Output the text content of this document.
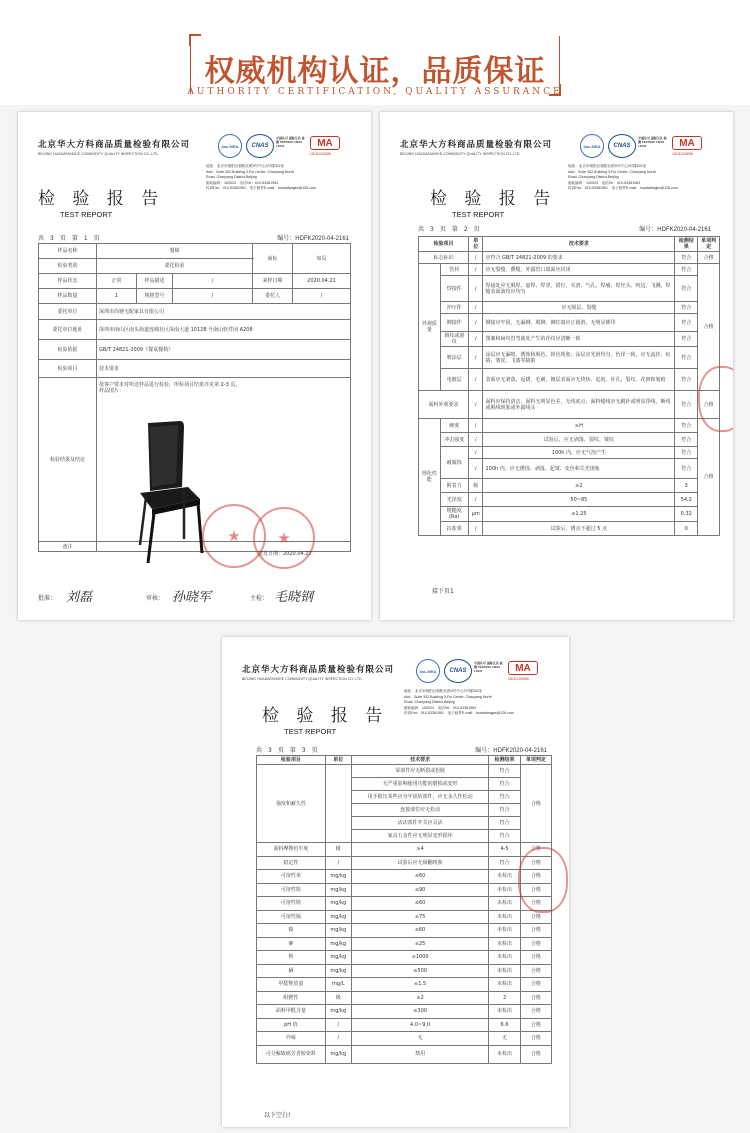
权威机构认证，品质保证
AUTHORITY CERTIFICATION, QUALITY ASSURANCE
北京华大方科商品质量检验有限公司
BEIJING HUADAFANGKE COMMODITY QUALITY INSPECTION CO.,LTD
ilac-MRA	CNAS
中国认可 国际互认 检测 TESTING CNAS L6137	MA
150111340088
地址：北京市朝阳区朝阳北路9号中心3号楼302室
Add：Suite 302,Building 3,Fui Center, Chaoyang North
Road ,Chaoyang District,Beijing
邮政编码：100024　电话Tel：010-53381963
传真Fax：010-53381961　电子邮件E-mail：huadafangke@126.com
检 验 报 告
TEST REPORT
共　3　页　第　1　页	编号：HDFK2020-04-2161
样品名称	餐椅			商标	如页
检验类别	委托检验				
样品状态	正常	样品描述	/	来样日期	2020.04.21
样品数量	1	规格型号	/	委托人	/
委托单位	深圳市尚驰宅配家具有限公司				
委托单位地址	深圳市南山区南头街道莲城社区深南大道 10128 号南山软件园 A208				
检验依据	GB/T 24821-2009《餐桌餐椅》				
检验项目	技术要求				
检验结果及结论	按客户要求对所送样品进行检验，所检项目结果详见第 2-3 页。
样品图片：				

备注					
★	★
签发日期：2020.04.27
批准： 刘磊	审核： 孙晓军	主检： 毛晓钢
北京华大方科商品质量检验有限公司
BEIJING HUADAFANGKE COMMODITY QUALITY INSPECTION CO.,LTD
ilac-MRA	CNAS
中国认可 国际互认 检测 TESTING CNAS L6137	MA
150111340088
地址：北京市朝阳区朝阳北路9号中心3号楼302室
Add：Suite 302,Building 3,Fui Center, Chaoyang North
Road ,Chaoyang District,Beijing
邮政编码：100024　电话Tel：010-53381963
传真Fax：010-53381961　电子邮件E-mail：huadafangke@126.com
检 验 报 告
TEST REPORT
共　3　页　第　2　页	编号：HDFK2020-04-2161
检验项目		单位	技术要求	检测结果	单项判定
标志标识		/	应符合 GB/T 24821-2009 的要求	符合	合格
外观质量	管材	/	应无裂缝、叠缝，外露管口端面应封闭	符合	合格
	焊接件	/	焊接处应无脱焊、虚焊、焊穿、错位、夹渣，气孔、焊瘤、焊丝头、咬边、飞溅，焊缝表面波纹应均匀	符合	
	冲压件	/	应无脱层、裂缝	符合	
	铆接件	/	铆接应牢固，无漏铆、脱铆，铆钉端应正圆滑，无明显锤印	符合	
	锁纹或滚纹	/	图案和扁纹管弯曲处产生的花纹应清晰一致	符合	
	喷涂层	/	涂层应无漏喷、锈蚀和脱色、掉色现象；涂层应光滑均匀，色泽一致，应无流挂、疙瘩、皱皮、飞漆等缺陷	符合	
	电镀层	/	表面应无剥落、返锈、毛刺，镀层表面应无烧焦、起泡、针孔、裂纹、花斑和划痕	符合	
面料外观要求		/	面料应保持清洁，面料无明显色差，无线底点；面料缝线应无跳针或明显浮线，断线或脱线现象或外露线头	符合	合格
理化性能	硬度	/	≥H	符合	合格
	冲击强度	/	试验后，应无剥落、裂纹、皱纹	符合	
	耐腐蚀	/	100h 内，应无气泡产生	符合	
		/	100h 内，应无锈蚀、剥落、起皱、变色和失光现象	符合	
	附着力	级	≥2	3	
	光泽度	/	50~85	54.2	
	粗糙度 (Ra)	μm	≤1.25	0.32	
	抗盐雾	/	试验后，锈点不超过 5 点	0	
接下页1
北京华大方科商品质量检验有限公司
BEIJING HUADAFANGKE COMMODITY QUALITY INSPECTION CO.,LTD
ilac-MRA	CNAS
中国认可 国际互认 检测 TESTING CNAS L6137	MA
150111340088
地址：北京市朝阳区朝阳北路9号中心3号楼302室
Add：Suite 302,Building 3,Fui Center, Chaoyang North
Road ,Chaoyang District,Beijing
邮政编码：100024　电话Tel：010-53381963
传真Fax：010-53381961　电子邮件E-mail：huadafangke@126.com
检 验 报 告
TEST REPORT
共　3　页　第　3　页	编号：HDFK2020-04-2161
检验项目	单位	技术要求	检测结果	单项判定
强度和耐久性		零部件应无断裂或松脱	符合	合格
		无严重影响使用功能的磨损或变形	符合	
		用手揿压某些应为牢固的部件，应无永久性松动	符合	
		连接部位应无松动	符合	
		活动部件开关应灵活	符合	
		家具五金件应无明显变形损坏	符合	
面料摩擦色牢度	级	≥4	4-5	合格
稳定性	/	试验后应无倾翻现象	符合	合格
可溶性苯	mg/kg	≤60	未检出	合格
可溶性铅	mg/kg	≤90	未检出	合格
可溶性铬	mg/kg	≤60	未检出	合格
可溶性镉	mg/kg	≤75	未检出	合格
镍	mg/kg	≤60	未检出	合格
砷	mg/kg	≤25	未检出	合格
钡	mg/kg	≤1000	未检出	合格
硒	mg/kg	≤500	未检出	合格
甲醛释放量	mg/L	≤1.5	未检出	合格
阻燃性	级	≥2	2	合格
面料甲醛含量	mg/kg	≤300	未检出	合格
pH 值	/	4.0~9.0	6.6	合格
异味	/	无	无	合格
可分解致癌芳香胺染料	mg/kg	禁用	未检出	合格
以下空白!
